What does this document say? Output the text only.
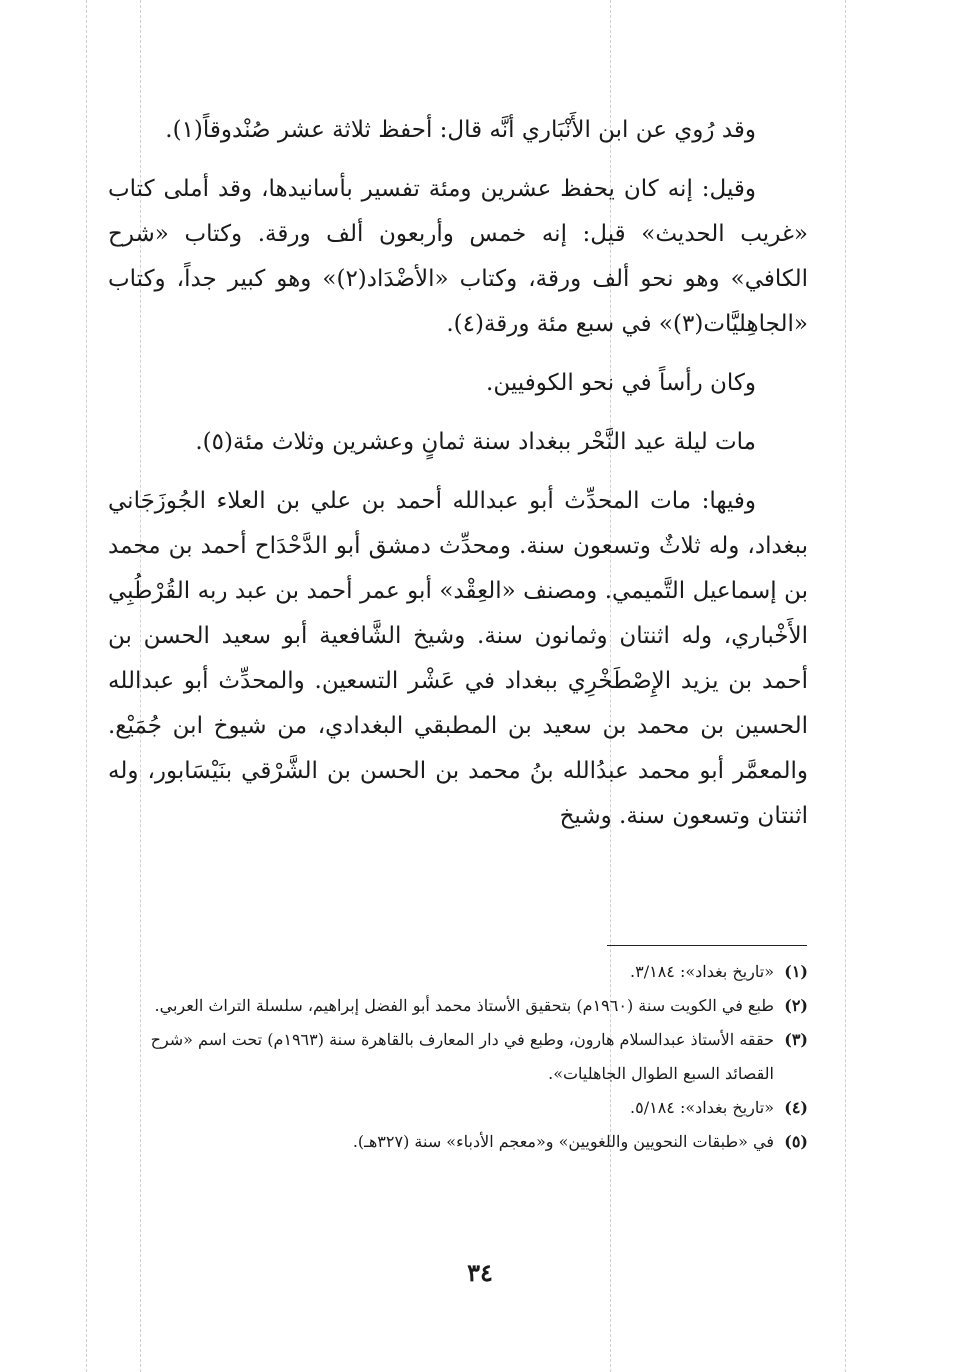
وقد رُوي عن ابن الأَنْبَاري أنَّه قال: أحفظ ثلاثة عشر صُنْدوقاً(١).

وقيل: إنه كان يحفظ عشرين ومئة تفسير بأسانيدها، وقد أملى كتاب «غريب الحديث» قيل: إنه خمس وأربعون ألف ورقة. وكتاب «شرح الكافي» وهو نحو ألف ورقة، وكتاب «الأضْدَاد(٢)» وهو كبير جداً، وكتاب «الجاهِليَّات(٣)» في سبع مئة ورقة(٤).

وكان رأساً في نحو الكوفيين.

مات ليلة عيد النَّحْر ببغداد سنة ثمانٍ وعشرين وثلاث مئة(٥).

وفيها: مات المحدِّث أبو عبدالله أحمد بن علي بن العلاء الجُوزَجَاني ببغداد، وله ثلاثٌ وتسعون سنة. ومحدِّث دمشق أبو الدَّحْدَاح أحمد بن محمد بن إسماعيل التَّميمي. ومصنف «العِقْد» أبو عمر أحمد بن عبد ربه القُرْطُبِي الأَخْباري، وله اثنتان وثمانون سنة. وشيخ الشَّافعية أبو سعيد الحسن بن أحمد بن يزيد الإِصْطَخْرِي ببغداد في عَشْر التسعين. والمحدِّث أبو عبدالله الحسين بن محمد بن سعيد بن المطبقي البغدادي، من شيوخ ابن جُمَيْع. والمعمَّر أبو محمد عبدُالله بنُ محمد بن الحسن بن الشَّرْقي بنَيْسَابور، وله اثنتان وتسعون سنة. وشيخ

(١)
«تاريخ بغداد»: ٣/١٨٤.
(٢)
طبع في الكويت سنة (١٩٦٠م) بتحقيق الأستاذ محمد أبو الفضل إبراهيم، سلسلة التراث العربي.
(٣)
حققه الأستاذ عبدالسلام هارون، وطبع في دار المعارف بالقاهرة سنة (١٩٦٣م) تحت اسم «شرح القصائد السبع الطوال الجاهليات».
(٤)
«تاريخ بغداد»: ٥/١٨٤.
(٥)
في «طبقات النحويين واللغويين» و«معجم الأدباء» سنة (٣٢٧هـ).
٣٤
